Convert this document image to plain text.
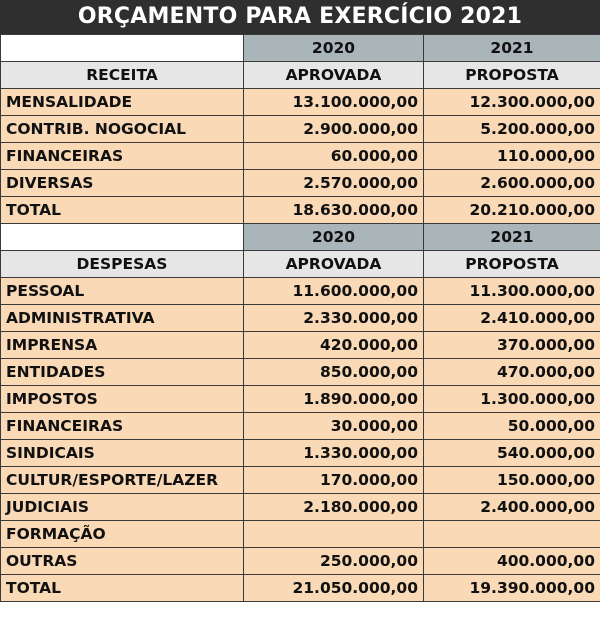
ORÇAMENTO PARA EXERCÍCIO 2021
	2020	2021
RECEITA	APROVADA	PROPOSTA
MENSALIDADE	13.100.000,00	12.300.000,00
CONTRIB. NOGOCIAL	2.900.000,00	5.200.000,00
FINANCEIRAS	60.000,00	110.000,00
DIVERSAS	2.570.000,00	2.600.000,00
TOTAL	18.630.000,00	20.210.000,00
	2020	2021
DESPESAS	APROVADA	PROPOSTA
PESSOAL	11.600.000,00	11.300.000,00
ADMINISTRATIVA	2.330.000,00	2.410.000,00
IMPRENSA	420.000,00	370.000,00
ENTIDADES	850.000,00	470.000,00
IMPOSTOS	1.890.000,00	1.300.000,00
FINANCEIRAS	30.000,00	50.000,00
SINDICAIS	1.330.000,00	540.000,00
CULTUR/ESPORTE/LAZER	170.000,00	150.000,00
JUDICIAIS	2.180.000,00	2.400.000,00
FORMAÇÃO		
OUTRAS	250.000,00	400.000,00
TOTAL	21.050.000,00	19.390.000,00
